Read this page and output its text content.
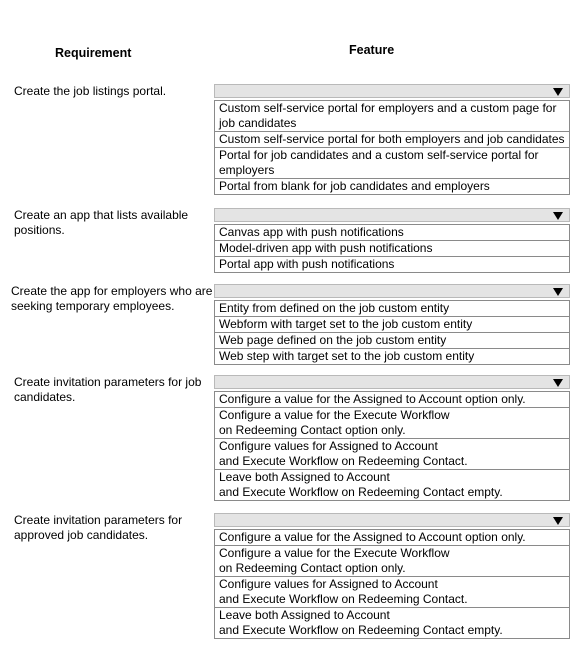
Requirement	Feature
Create the job listings portal.
Custom self-service portal for employers and a custom page for
job candidates
Custom self-service portal for both employers and job candidates
Portal for job candidates and a custom self-service portal for
employers
Portal from blank for job candidates and employers
Create an app that lists available positions.	Canvas app with push notifications
Model-driven app with push notifications
Portal app with push notifications
Create the app for employers who are seeking temporary employees.	Entity from defined on the job custom entity
Webform with target set to the job custom entity
Web page defined on the job custom entity
Web step with target set to the job custom entity
Create invitation parameters for job candidates.	Configure a value for the Assigned to Account option only.
Configure a value for the Execute Workflow
on Redeeming Contact option only.
Configure values for Assigned to Account
and Execute Workflow on Redeeming Contact.
Leave both Assigned to Account
and Execute Workflow on Redeeming Contact empty.
Create invitation parameters for approved job candidates.	Configure a value for the Assigned to Account option only.
Configure a value for the Execute Workflow
on Redeeming Contact option only.
Configure values for Assigned to Account
and Execute Workflow on Redeeming Contact.
Leave both Assigned to Account
and Execute Workflow on Redeeming Contact empty.
